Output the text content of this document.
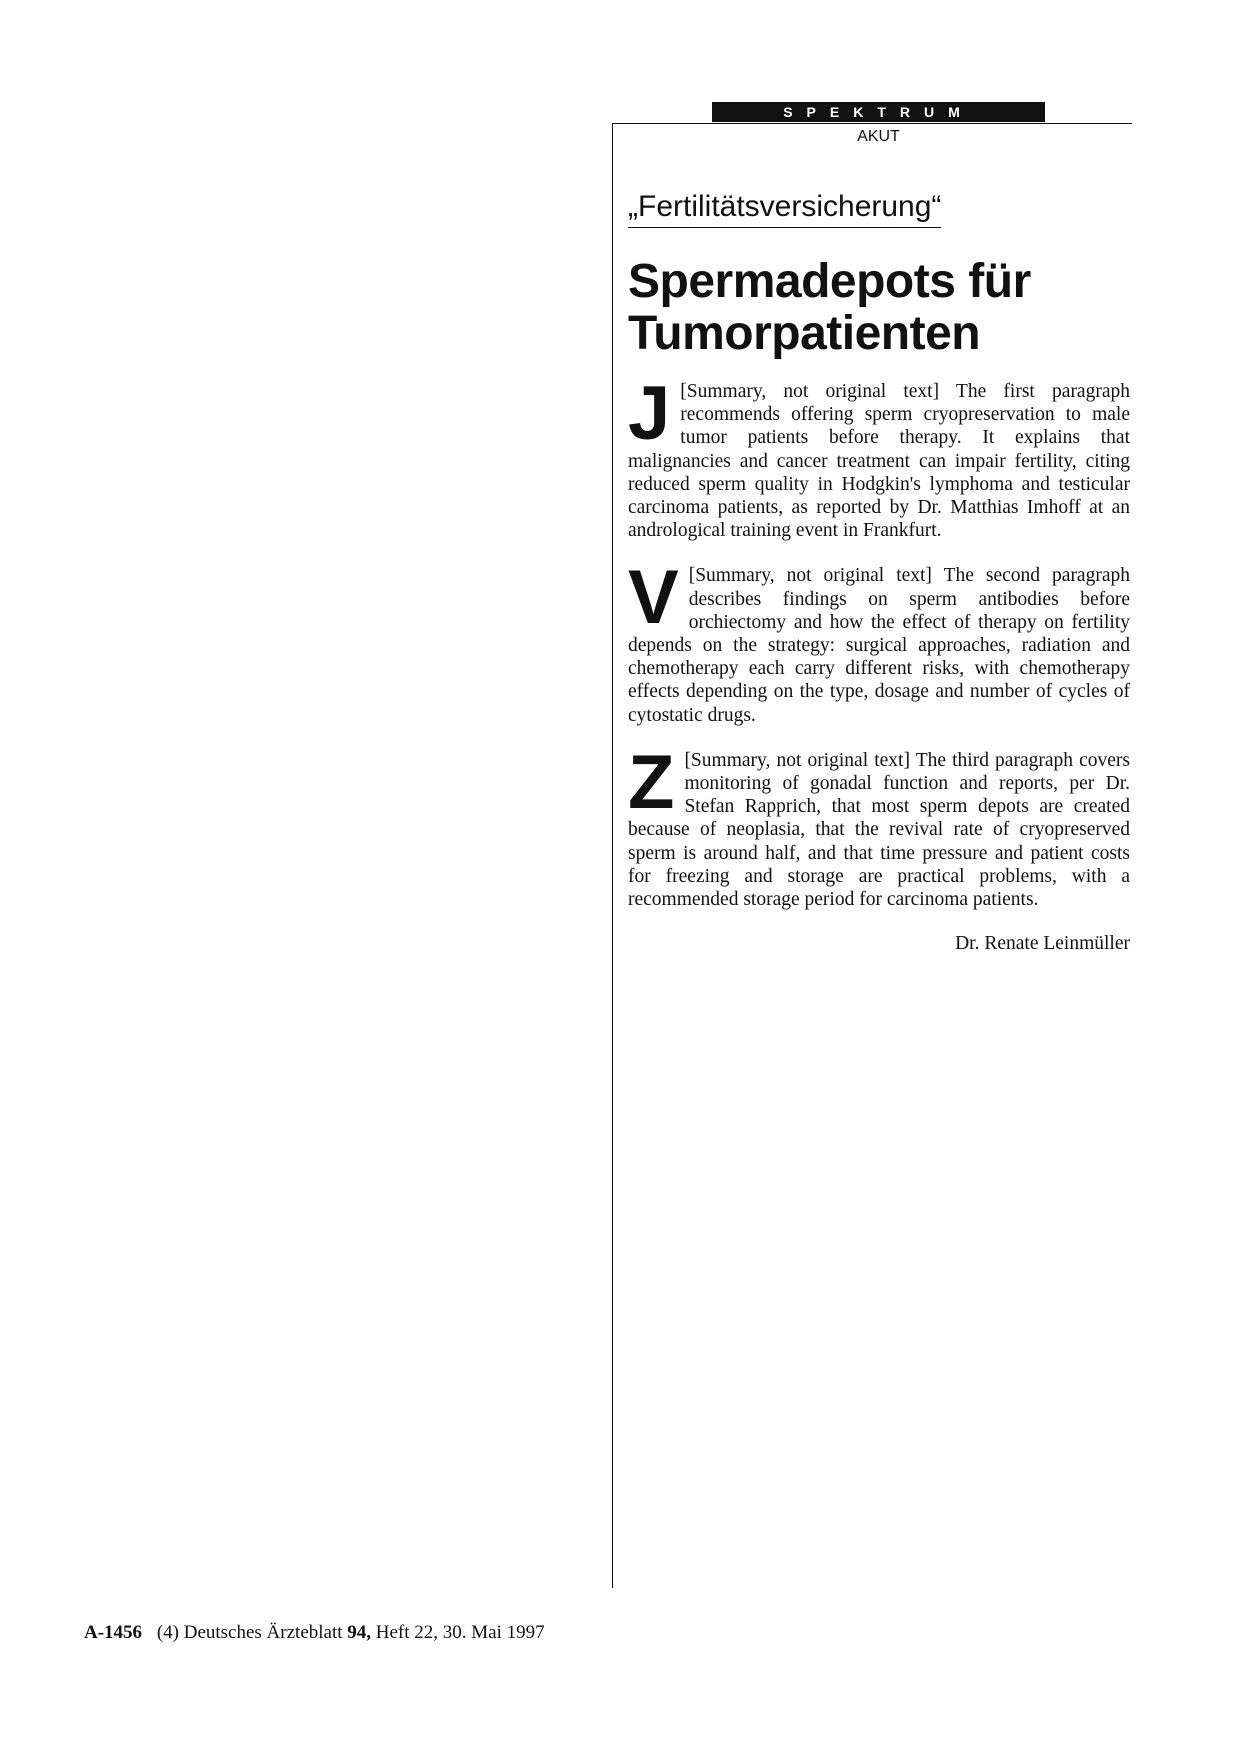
SPEKTRUM
AKUT
„Fertilitätsversicherung“
Spermadepots für Tumorpatienten

J [Summary, not original text] The first paragraph recommends offering sperm cryopreservation to male tumor patients before therapy. It explains that malignancies and cancer treatment can impair fertility, citing reduced sperm quality in Hodgkin's lymphoma and testicular carcinoma patients, as reported by Dr. Matthias Imhoff at an andrological training event in Frankfurt.

V [Summary, not original text] The second paragraph describes findings on sperm antibodies before orchiectomy and how the effect of therapy on fertility depends on the strategy: surgical approaches, radiation and chemotherapy each carry different risks, with chemotherapy effects depending on the type, dosage and number of cycles of cytostatic drugs.

Z [Summary, not original text] The third paragraph covers monitoring of gonadal function and reports, per Dr. Stefan Rapprich, that most sperm depots are created because of neoplasia, that the revival rate of cryopreserved sperm is around half, and that time pressure and patient costs for freezing and storage are practical problems, with a recommended storage period for carcinoma patients.

Dr. Renate Leinmüller
A-1456 (4) Deutsches Ärzteblatt 94, Heft 22, 30. Mai 1997
